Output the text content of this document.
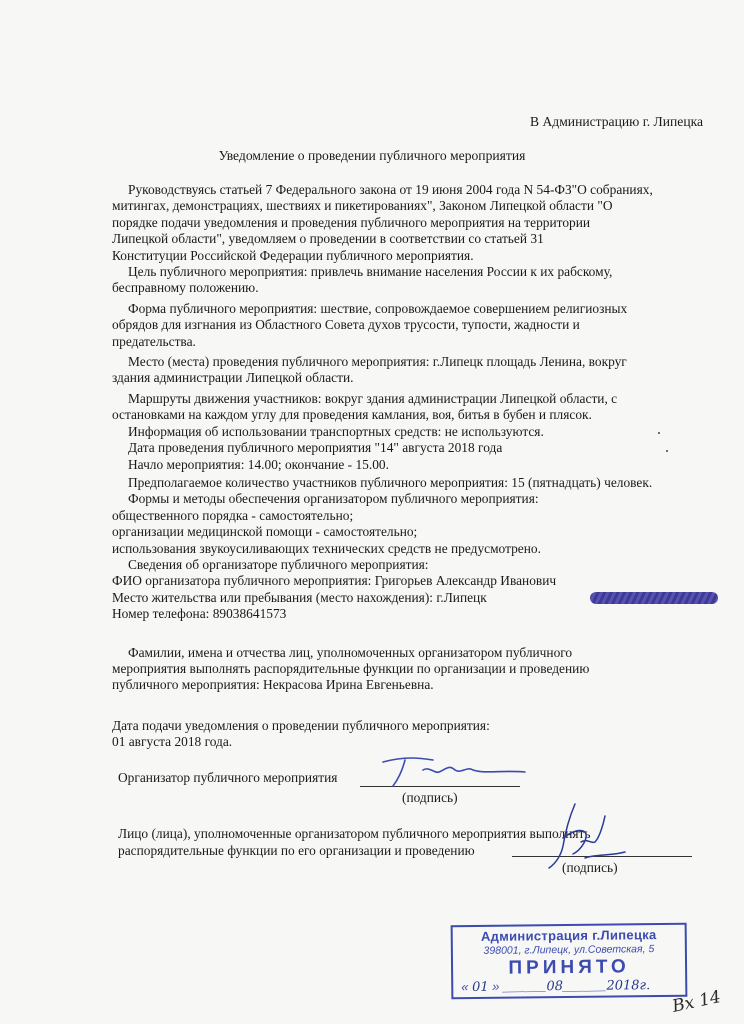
В Администрацию г. Липецка
Уведомление о проведении публичного мероприятия
Руководствуясь статьей 7 Федерального закона от 19 июня 2004 года N 54-ФЗ"О собраниях,
митингах, демонстрациях, шествиях и пикетированиях", Законом Липецкой области "О
порядке подачи уведомления и проведения публичного мероприятия на территории
Липецкой области", уведомляем о проведении в соответствии со статьей 31
Конституции Российской Федерации публичного мероприятия.
Цель публичного мероприятия: привлечь внимание населения России к их рабскому,
бесправному положению.
Форма публичного мероприятия: шествие, сопровождаемое совершением религиозных
обрядов для изгнания из Областного Совета духов трусости, тупости, жадности и
предательства.
Место (места) проведения публичного мероприятия: г.Липецк площадь Ленина, вокруг
здания администрации Липецкой области.
Маршруты движения участников: вокруг здания администрации Липецкой области, с
остановками на каждом углу для проведения камлания, воя, битья в бубен и плясок.
Информация об использовании транспортных средств: не используются.
Дата проведения публичного мероприятия "14" августа 2018 года
Начло мероприятия: 14.00; окончание - 15.00.
Предполагаемое количество участников публичного мероприятия: 15 (пятнадцать) человек.
Формы и методы обеспечения организатором публичного мероприятия:
общественного порядка - самостоятельно;
организации медицинской помощи - самостоятельно;
использования звукоусиливающих технических средств не предусмотрено.
Сведения об организаторе публичного мероприятия:
ФИО организатора публичного мероприятия: Григорьев Александр Иванович
Место жительства или пребывания (место нахождения): г.Липецк
Номер телефона: 89038641573
Фамилии, имена и отчества лиц, уполномоченных организатором публичного
мероприятия выполнять распорядительные функции по организации и проведению
публичного мероприятия: Некрасова Ирина Евгеньевна.
Дата подачи уведомления о проведении публичного мероприятия:
01 августа 2018 года.
Организатор публичного мероприятия
(подпись)
Лицо (лица), уполномоченные организатором публичного мероприятия выполнять
распорядительные функции по его организации и проведению
(подпись)
Администрация г.Липецка
398001, г.Липецк, ул.Советская, 5
ПРИНЯТО
« 01 » ______08______2018г.
Вх 14
